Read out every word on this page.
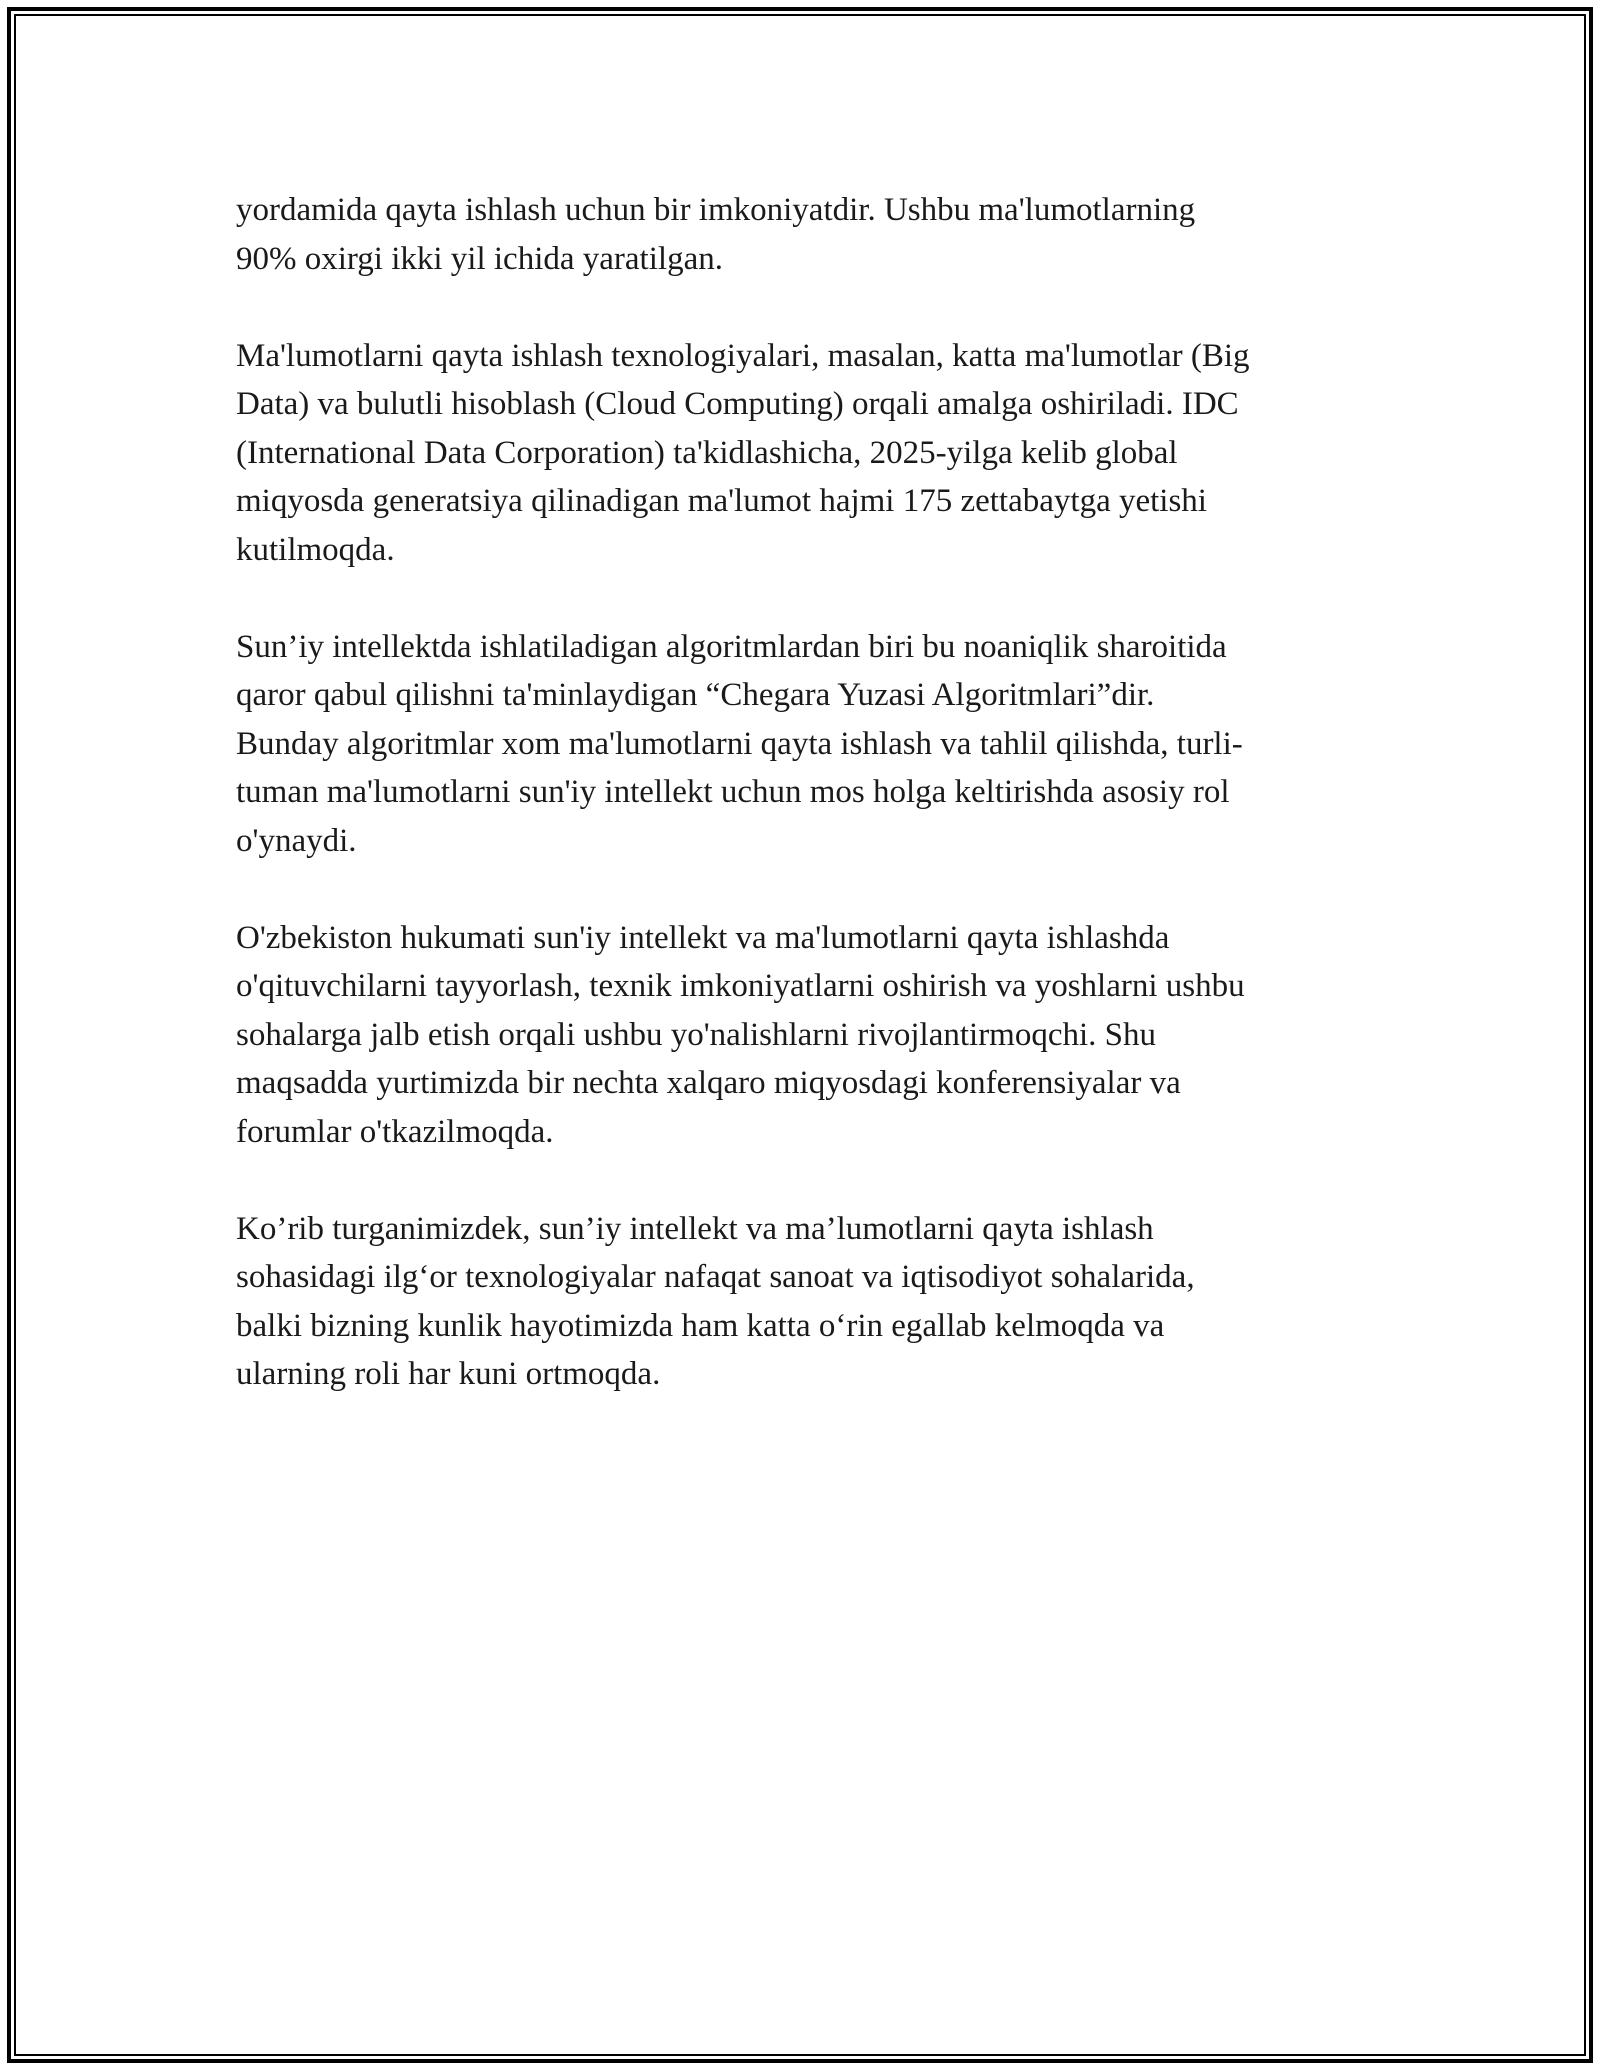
yordamida qayta ishlash uchun bir imkoniyatdir. Ushbu ma'lumotlarning
90% oxirgi ikki yil ichida yaratilgan.

Ma'lumotlarni qayta ishlash texnologiyalari, masalan, katta ma'lumotlar (Big
Data) va bulutli hisoblash (Cloud Computing) orqali amalga oshiriladi. IDC
(International Data Corporation) ta'kidlashicha, 2025-yilga kelib global
miqyosda generatsiya qilinadigan ma'lumot hajmi 175 zettabaytga yetishi
kutilmoqda.

Sun’iy intellektda ishlatiladigan algoritmlardan biri bu noaniqlik sharoitida
qaror qabul qilishni ta'minlaydigan “Chegara Yuzasi Algoritmlari”dir.
Bunday algoritmlar xom ma'lumotlarni qayta ishlash va tahlil qilishda, turli-
tuman ma'lumotlarni sun'iy intellekt uchun mos holga keltirishda asosiy rol
o'ynaydi.

O'zbekiston hukumati sun'iy intellekt va ma'lumotlarni qayta ishlashda
o'qituvchilarni tayyorlash, texnik imkoniyatlarni oshirish va yoshlarni ushbu
sohalarga jalb etish orqali ushbu yo'nalishlarni rivojlantirmoqchi. Shu
maqsadda yurtimizda bir nechta xalqaro miqyosdagi konferensiyalar va
forumlar o'tkazilmoqda.

Ko’rib turganimizdek, sun’iy intellekt va ma’lumotlarni qayta ishlash
sohasidagi ilg‘or texnologiyalar nafaqat sanoat va iqtisodiyot sohalarida,
balki bizning kunlik hayotimizda ham katta o‘rin egallab kelmoqda va
ularning roli har kuni ortmoqda.
